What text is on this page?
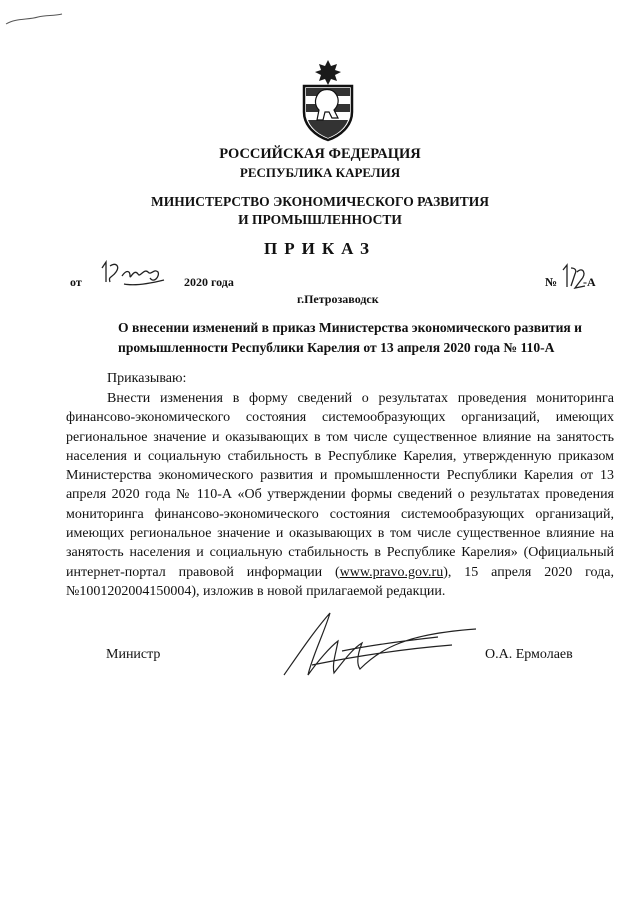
РОССИЙСКАЯ ФЕДЕРАЦИЯ
РЕСПУБЛИКА КАРЕЛИЯ
МИНИСТЕРСТВО ЭКОНОМИЧЕСКОГО РАЗВИТИЯ
И ПРОМЫШЛЕННОСТИ
ПРИКАЗ
от	2020 года	№ -А
г.Петрозаводск
О внесении изменений в приказ Министерства экономического развития и промышленности Республики Карелия от 13 апреля 2020 года № 110-А
Приказываю:

Внести изменения в форму сведений о результатах проведения мониторинга финансово-экономического состояния системообразующих организаций, имеющих региональное значение и оказывающих в том числе существенное влияние на занятость населения и социальную стабильность в Республике Карелия, утвержденную приказом Министерства экономического развития и промышленности Республики Карелия от 13 апреля 2020 года № 110-А «Об утверждении формы сведений о результатах проведения мониторинга финансово-экономического состояния системообразующих организаций, имеющих региональное значение и оказывающих в том числе существенное влияние на занятость населения и социальную стабильность в Республике Карелия» (Официальный интернет-портал правовой информации (www.pravo.gov.ru), 15 апреля 2020 года, №1001202004150004), изложив в новой прилагаемой редакции.

Министр	О.А. Ермолаев
